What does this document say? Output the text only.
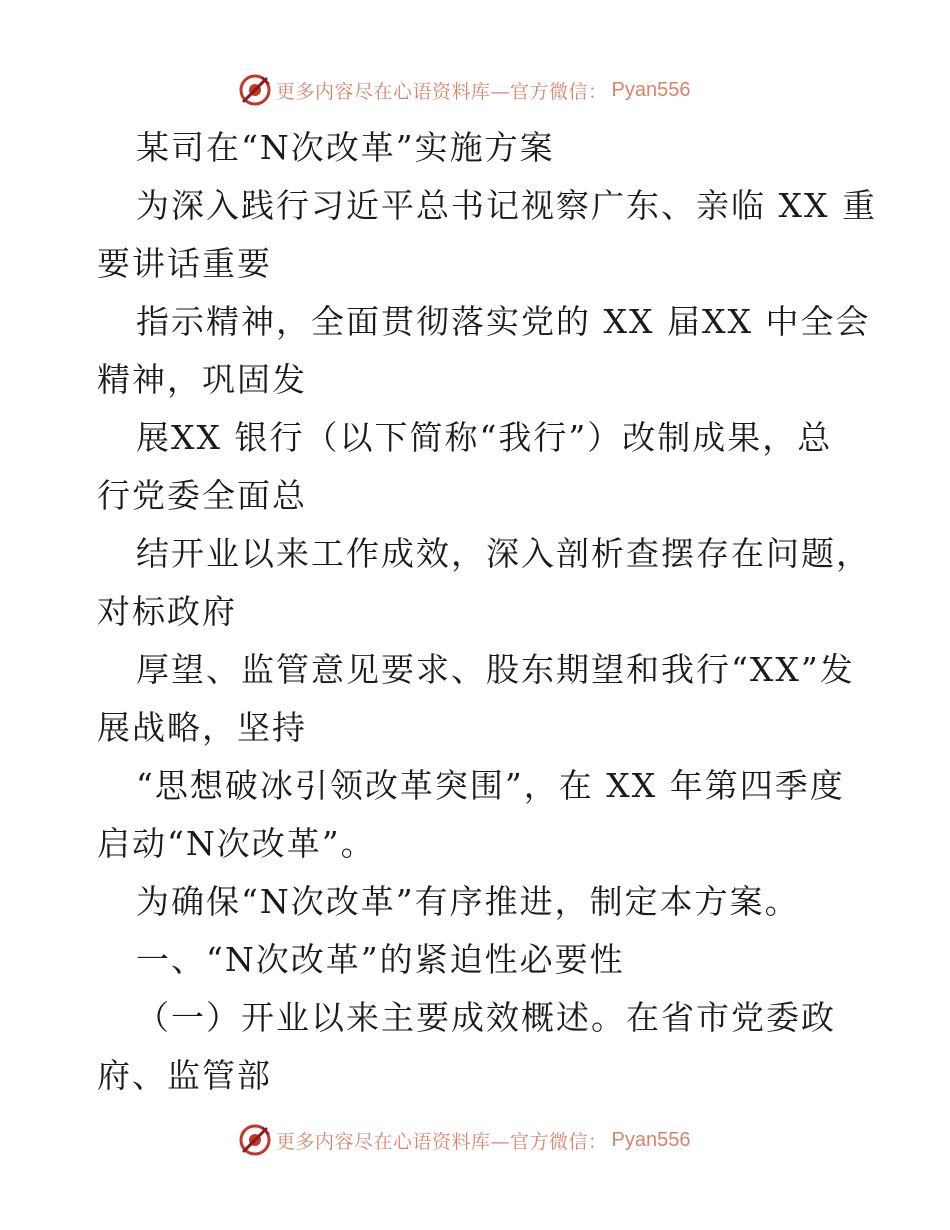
更多内容尽在心语资料库—官方微信： Pyan556
某司在“N次改革”实施方案
为深入践行习近平总书记视察广东、亲临 XX 重
要讲话重要
指示精神，全面贯彻落实党的 XX 届XX 中全会
精神，巩固发
展XX 银行（以下简称“我行”）改制成果，总
行党委全面总
结开业以来工作成效，深入剖析查摆存在问题，
对标政府
厚望、监管意见要求、股东期望和我行“XX”发
展战略，坚持
“思想破冰引领改革突围”，在 XX 年第四季度
启动“N次改革”。
为确保“N次改革”有序推进，制定本方案。
一、“N次改革”的紧迫性必要性
（一）开业以来主要成效概述。在省市党委政
府、监管部
更多内容尽在心语资料库—官方微信： Pyan556
